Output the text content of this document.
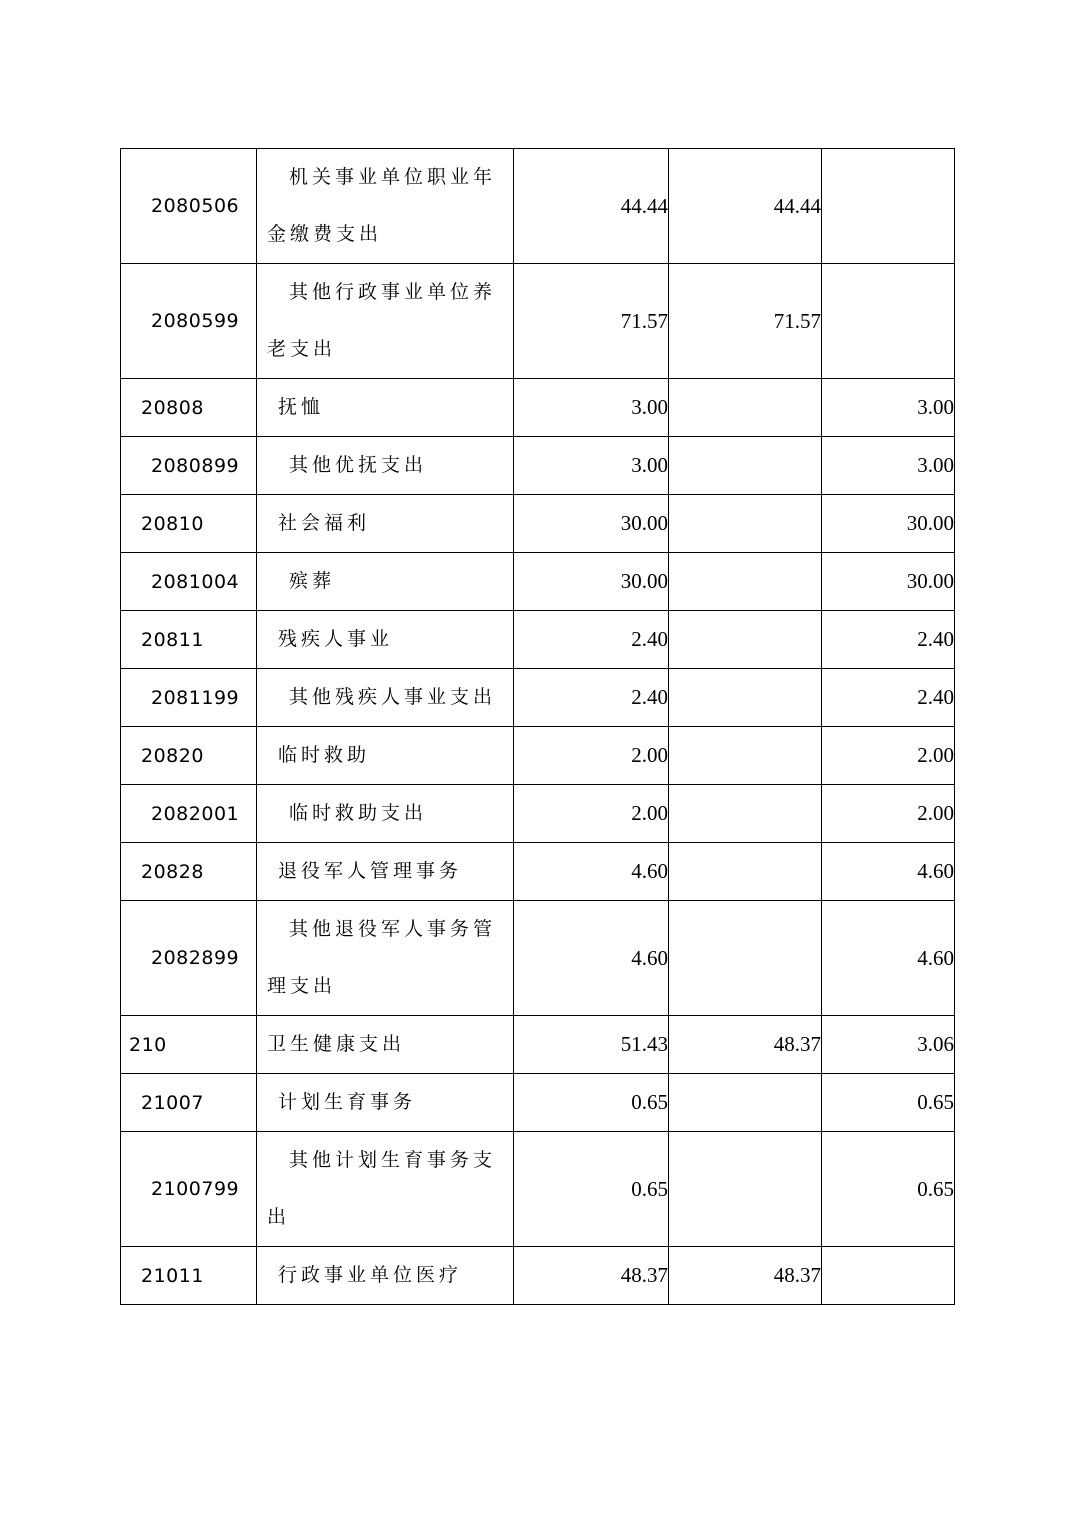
2080506	机关事业单位职业年金缴费支出	44.44	44.44	
2080599	其他行政事业单位养老支出	71.57	71.57	
20808	抚恤	3.00		3.00
2080899	其他优抚支出	3.00		3.00
20810	社会福利	30.00		30.00
2081004	殡葬	30.00		30.00
20811	残疾人事业	2.40		2.40
2081199	其他残疾人事业支出	2.40		2.40
20820	临时救助	2.00		2.00
2082001	临时救助支出	2.00		2.00
20828	退役军人管理事务	4.60		4.60
2082899	其他退役军人事务管理支出	4.60		4.60
210	卫生健康支出	51.43	48.37	3.06
21007	计划生育事务	0.65		0.65
2100799	其他计划生育事务支出	0.65		0.65
21011	行政事业单位医疗	48.37	48.37	
